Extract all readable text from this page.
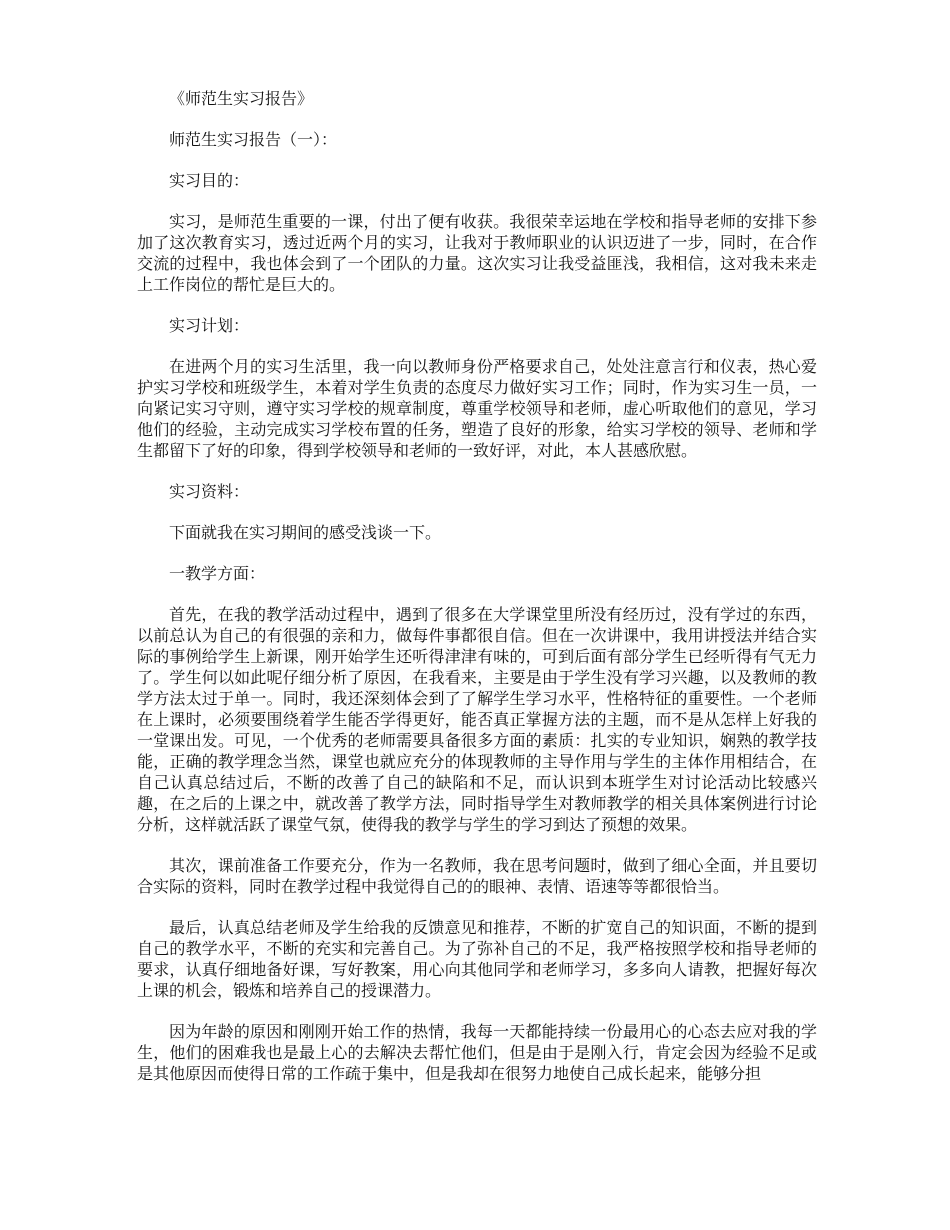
《师范生实习报告》

师范生实习报告（一）：

实习目的：

实习，是师范生重要的一课，付出了便有收获。我很荣幸运地在学校和指导老师的安排下参加了这次教育实习，透过近两个月的实习，让我对于教师职业的认识迈进了一步，同时，在合作交流的过程中，我也体会到了一个团队的力量。这次实习让我受益匪浅，我相信，这对我未来走上工作岗位的帮忙是巨大的。

实习计划：

在进两个月的实习生活里，我一向以教师身份严格要求自己，处处注意言行和仪表，热心爱护实习学校和班级学生，本着对学生负责的态度尽力做好实习工作；同时，作为实习生一员，一向紧记实习守则，遵守实习学校的规章制度，尊重学校领导和老师，虚心听取他们的意见，学习他们的经验，主动完成实习学校布置的任务，塑造了良好的形象，给实习学校的领导、老师和学生都留下了好的印象，得到学校领导和老师的一致好评，对此，本人甚感欣慰。

实习资料：

下面就我在实习期间的感受浅谈一下。

一教学方面：

首先，在我的教学活动过程中，遇到了很多在大学课堂里所没有经历过，没有学过的东西，以前总认为自己的有很强的亲和力，做每件事都很自信。但在一次讲课中，我用讲授法并结合实际的事例给学生上新课，刚开始学生还听得津津有味的，可到后面有部分学生已经听得有气无力了。学生何以如此呢仔细分析了原因，在我看来，主要是由于学生没有学习兴趣，以及教师的教学方法太过于单一。同时，我还深刻体会到了了解学生学习水平，性格特征的重要性。一个老师在上课时，必须要围绕着学生能否学得更好，能否真正掌握方法的主题，而不是从怎样上好我的一堂课出发。可见，一个优秀的老师需要具备很多方面的素质：扎实的专业知识，娴熟的教学技能，正确的教学理念当然，课堂也就应充分的体现教师的主导作用与学生的主体作用相结合，在自己认真总结过后，不断的改善了自己的缺陷和不足，而认识到本班学生对讨论活动比较感兴趣，在之后的上课之中，就改善了教学方法，同时指导学生对教师教学的相关具体案例进行讨论分析，这样就活跃了课堂气氛，使得我的教学与学生的学习到达了预想的效果。

其次，课前准备工作要充分，作为一名教师，我在思考问题时，做到了细心全面，并且要切合实际的资料，同时在教学过程中我觉得自己的的眼神、表情、语速等等都很恰当。

最后，认真总结老师及学生给我的反馈意见和推荐，不断的扩宽自己的知识面，不断的提到自己的教学水平，不断的充实和完善自己。为了弥补自己的不足，我严格按照学校和指导老师的要求，认真仔细地备好课，写好教案，用心向其他同学和老师学习，多多向人请教，把握好每次上课的机会，锻炼和培养自己的授课潜力。

因为年龄的原因和刚刚开始工作的热情，我每一天都能持续一份最用心的心态去应对我的学生，他们的困难我也是最上心的去解决去帮忙他们，但是由于是刚入行，肯定会因为经验不足或是其他原因而使得日常的工作疏于集中，但是我却在很努力地使自己成长起来，能够分担
